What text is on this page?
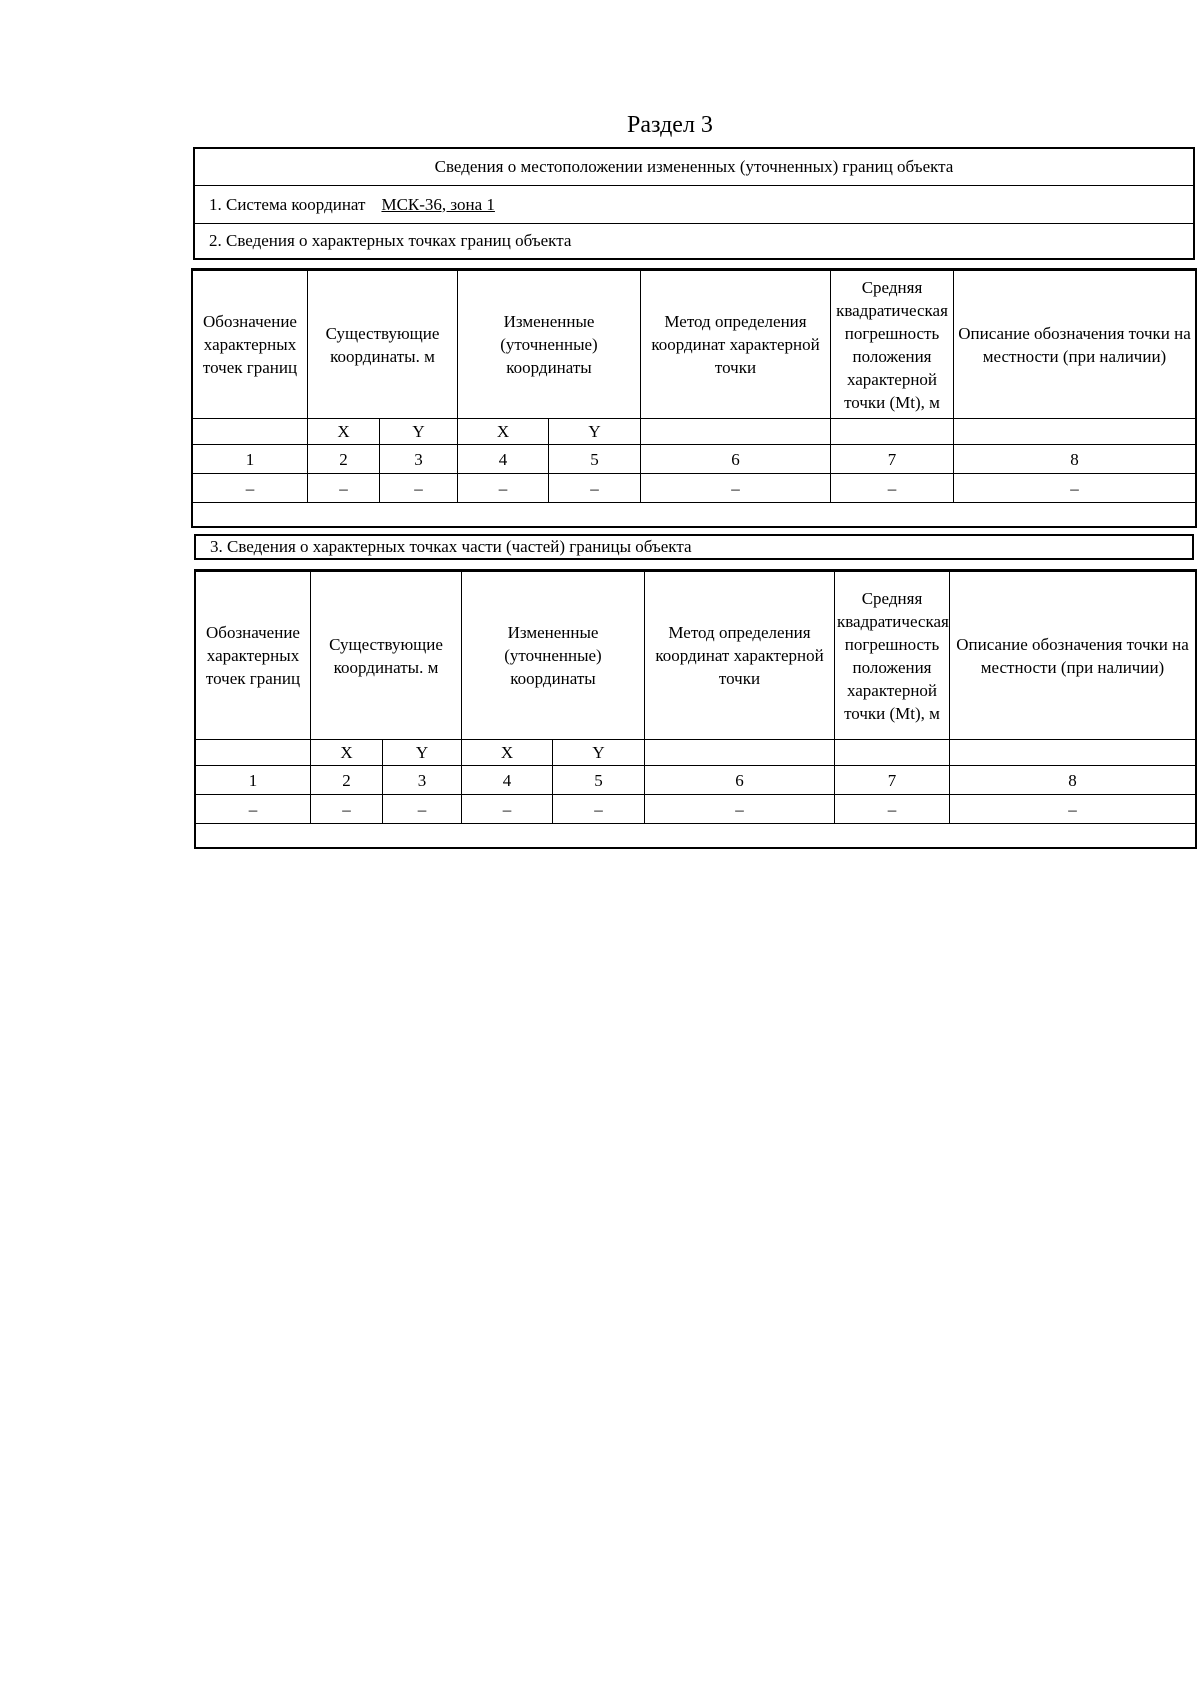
Раздел 3
Сведения о местоположении измененных (уточненных) границ объекта
1. Система координат МСК-36, зона 1
2. Сведения о характерных точках границ объекта
Обозначение характерных точек границ	Существующие координаты. м		Измененные (уточненные) координаты		Метод определения координат характерной точки	Средняя квадратическая погрешность положения характерной точки (Mt), м	Описание обозначения точки на местности (при наличии)
	X	Y	X	Y			
1	2	3	4	5	6	7	8
–	–	–	–	–	–	–	–

3. Сведения о характерных точках части (частей) границы объекта
Обозначение характерных точек границ	Существующие координаты. м		Измененные (уточненные) координаты		Метод определения координат характерной точки	Средняя квадратическая погрешность положения характерной точки (Mt), м	Описание обозначения точки на местности (при наличии)
	X	Y	X	Y			
1	2	3	4	5	6	7	8
–	–	–	–	–	–	–	–
